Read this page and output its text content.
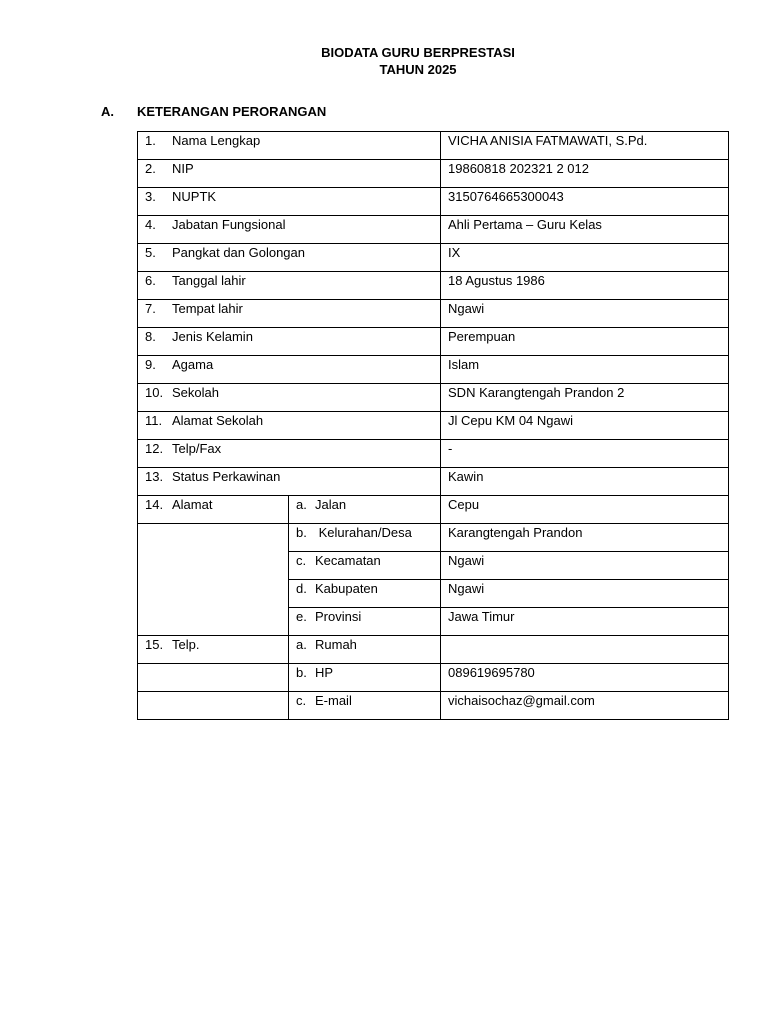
BIODATA GURU BERPRESTASI
TAHUN 2025
A. KETERANGAN PERORANGAN
1. Nama Lengkap		VICHA ANISIA FATMAWATI, S.Pd.
2. NIP		19860818 202321 2 012
3. NUPTK		3150764665300043
4. Jabatan Fungsional		Ahli Pertama – Guru Kelas
5. Pangkat dan Golongan		IX
6. Tanggal lahir		18 Agustus 1986
7. Tempat lahir		Ngawi
8. Jenis Kelamin		Perempuan
9. Agama		Islam
10. Sekolah		SDN Karangtengah Prandon 2
11. Alamat Sekolah		Jl Cepu KM 04 Ngawi
12. Telp/Fax		-
13. Status Perkawinan		Kawin
14. Alamat	a. Jalan	Cepu
	b. Kelurahan/Desa	Karangtengah Prandon
	c. Kecamatan	Ngawi
	d. Kabupaten	Ngawi
	e. Provinsi	Jawa Timur
15. Telp.	a. Rumah	
	b. HP	089619695780
	c. E-mail	vichaisochaz@gmail.com
